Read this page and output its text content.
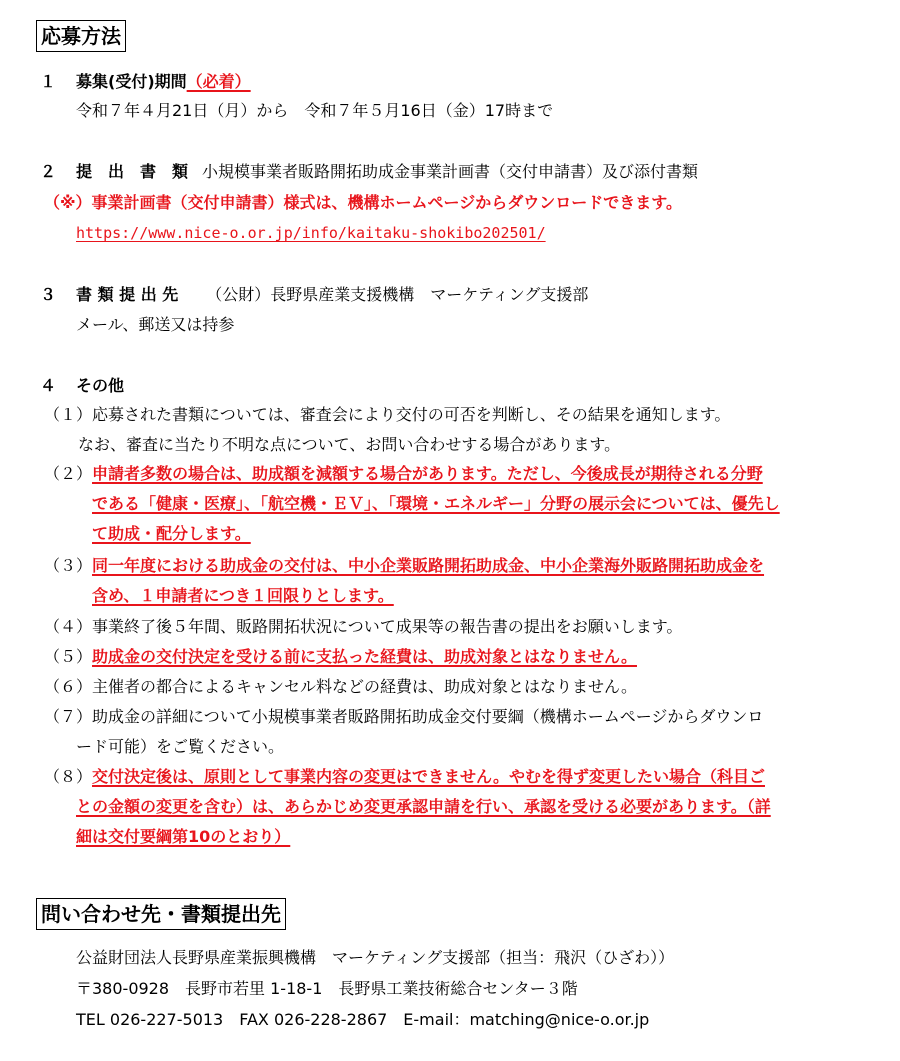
応募方法
１ 募集(受付)期間（必着）
令和７年４月21日（月）から　令和７年５月16日（金）17時まで
２ 提　出　書　類 小規模事業者販路開拓助成金事業計画書（交付申請書）及び添付書類
（※）事業計画書（交付申請書）様式は、機構ホームページからダウンロードできます。
https://www.nice-o.or.jp/info/kaitaku-shokibo202501/
３ 書 類 提 出 先 （公財）長野県産業支援機構　マーケティング支援部
メール、郵送又は持参
４ その他
（１）応募された書類については、審査会により交付の可否を判断し、その結果を通知します。
なお、審査に当たり不明な点について、お問い合わせする場合があります。
（２）申請者多数の場合は、助成額を減額する場合があります。ただし、今後成長が期待される分野
である「健康・医療」、「航空機・ＥＶ」、「環境・エネルギー」分野の展示会については、優先し
て助成・配分します。
（３）同一年度における助成金の交付は、中小企業販路開拓助成金、中小企業海外販路開拓助成金を
含め、１申請者につき１回限りとします。
（４）事業終了後５年間、販路開拓状況について成果等の報告書の提出をお願いします。
（５）助成金の交付決定を受ける前に支払った経費は、助成対象とはなりません。
（６）主催者の都合によるキャンセル料などの経費は、助成対象とはなりません。
（７）助成金の詳細について小規模事業者販路開拓助成金交付要綱（機構ホームページからダウンロ
ード可能）をご覧ください。
（８）交付決定後は、原則として事業内容の変更はできません。やむを得ず変更したい場合（科目ご
との金額の変更を含む）は、あらかじめ変更承認申請を行い、承認を受ける必要があります。（詳
細は交付要綱第10のとおり）
問い合わせ先・書類提出先
公益財団法人長野県産業振興機構　マーケティング支援部（担当：飛沢（ひざわ））
〒380-0928　長野市若里 1-18-1　長野県工業技術総合センター３階
TEL 026-227-5013　FAX 026-228-2867　E-mail：matching@nice-o.or.jp
